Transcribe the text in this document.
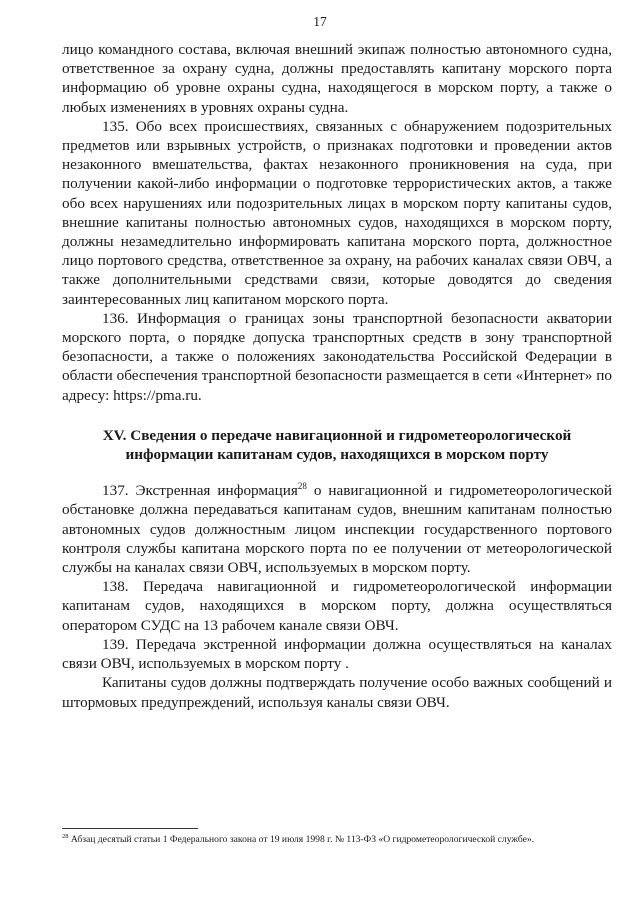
17

лицо командного состава, включая внешний экипаж полностью автономного судна, ответственное за охрану судна, должны предоставлять капитану морского порта информацию об уровне охраны судна, находящегося в морском порту, а также о любых изменениях в уровнях охраны судна.

135. Обо всех происшествиях, связанных с обнаружением подозрительных предметов или взрывных устройств, о признаках подготовки и проведении актов незаконного вмешательства, фактах незаконного проникновения на суда, при получении какой-либо информации о подготовке террористических актов, а также обо всех нарушениях или подозрительных лицах в морском порту капитаны судов, внешние капитаны полностью автономных судов, находящихся в морском порту, должны незамедлительно информировать капитана морского порта, должностное лицо портового средства, ответственное за охрану, на рабочих каналах связи ОВЧ, а также дополнительными средствами связи, которые доводятся до сведения заинтересованных лиц капитаном морского порта.

136. Информация о границах зоны транспортной безопасности акватории морского порта, о порядке допуска транспортных средств в зону транспортной безопасности, а также о положениях законодательства Российской Федерации в области обеспечения транспортной безопасности размещается в сети «Интернет» по адресу: https://pma.ru.

XV. Сведения о передаче навигационной и гидрометеорологической информации капитанам судов, находящихся в морском порту

137. Экстренная информация$^{28}$ о навигационной и гидрометеорологической обстановке должна передаваться капитанам судов, внешним капитанам полностью автономных судов должностным лицом инспекции государственного портового контроля службы капитана морского порта по ее получении от метеорологической службы на каналах связи ОВЧ, используемых в морском порту.

138. Передача навигационной и гидрометеорологической информации капитанам судов, находящихся в морском порту, должна осуществляться оператором СУДС на 13 рабочем канале связи ОВЧ.

139. Передача экстренной информации должна осуществляться на каналах связи ОВЧ, используемых в морском порту .

Капитаны судов должны подтверждать получение особо важных сообщений и штормовых предупреждений, используя каналы связи ОВЧ.

$^{28}$ Абзац десятый статьи 1 Федерального закона от 19 июля 1998 г. № 113-ФЗ «О гидрометеорологической службе».
